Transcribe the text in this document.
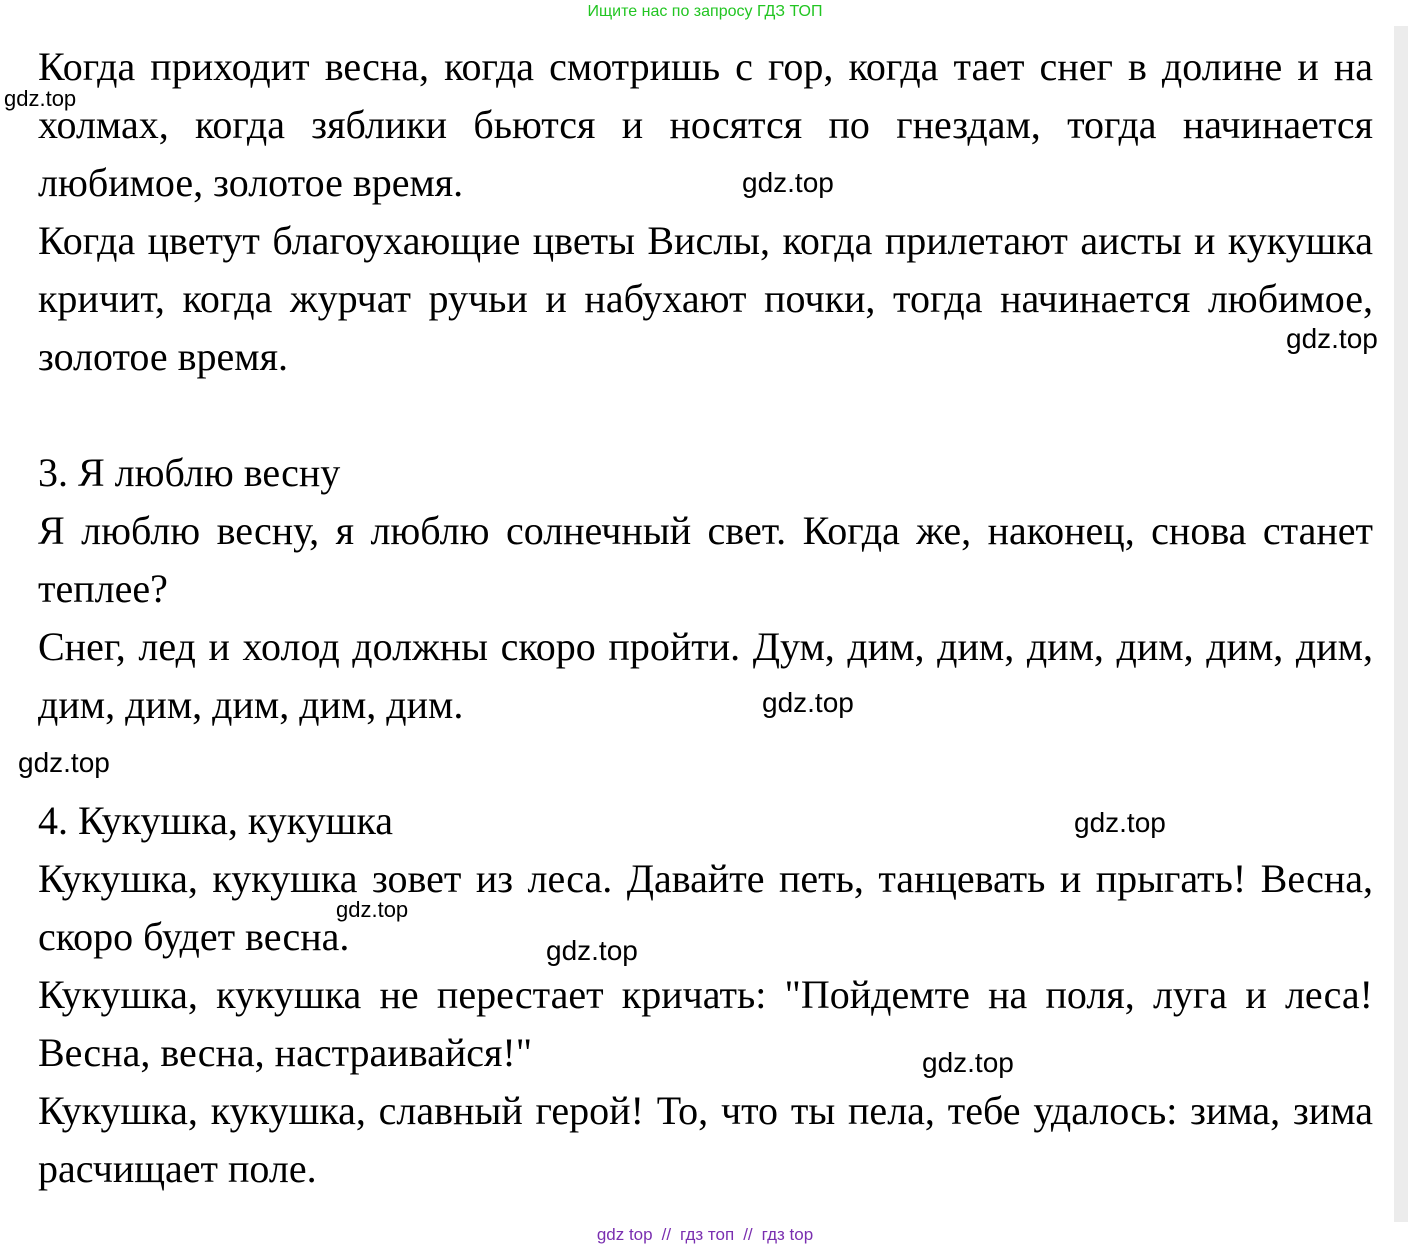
Ищите нас по запросу ГДЗ ТОП

Когда приходит весна, когда смотришь с гор, когда тает снег в долине и на холмах, когда зяблики бьются и носятся по гнездам, тогда начинается любимое, золотое время.

Когда цветут благоухающие цветы Вислы, когда прилетают аисты и кукушка кричит, когда журчат ручьи и набухают почки, тогда начинается любимое, золотое время.

3. Я люблю весну

Я люблю весну, я люблю солнечный свет. Когда же, наконец, снова станет теплее?

Снег, лед и холод должны скоро пройти. Дум, дим, дим, дим, дим, дим, дим, дим, дим, дим, дим, дим.

4. Кукушка, кукушка

Кукушка, кукушка зовет из леса. Давайте петь, танцевать и прыгать! Весна, скоро будет весна.

Кукушка, кукушка не перестает кричать: "Пойдемте на поля, луга и леса! Весна, весна, настраивайся!"

Кукушка, кукушка, славный герой! То, что ты пела, тебе удалось: зима, зима расчищает поле.

gdz.top
gdz.top
gdz.top
gdz.top
gdz.top
gdz.top
gdz.top
gdz.top
gdz.top
gdz top // гдз топ // гдз top
